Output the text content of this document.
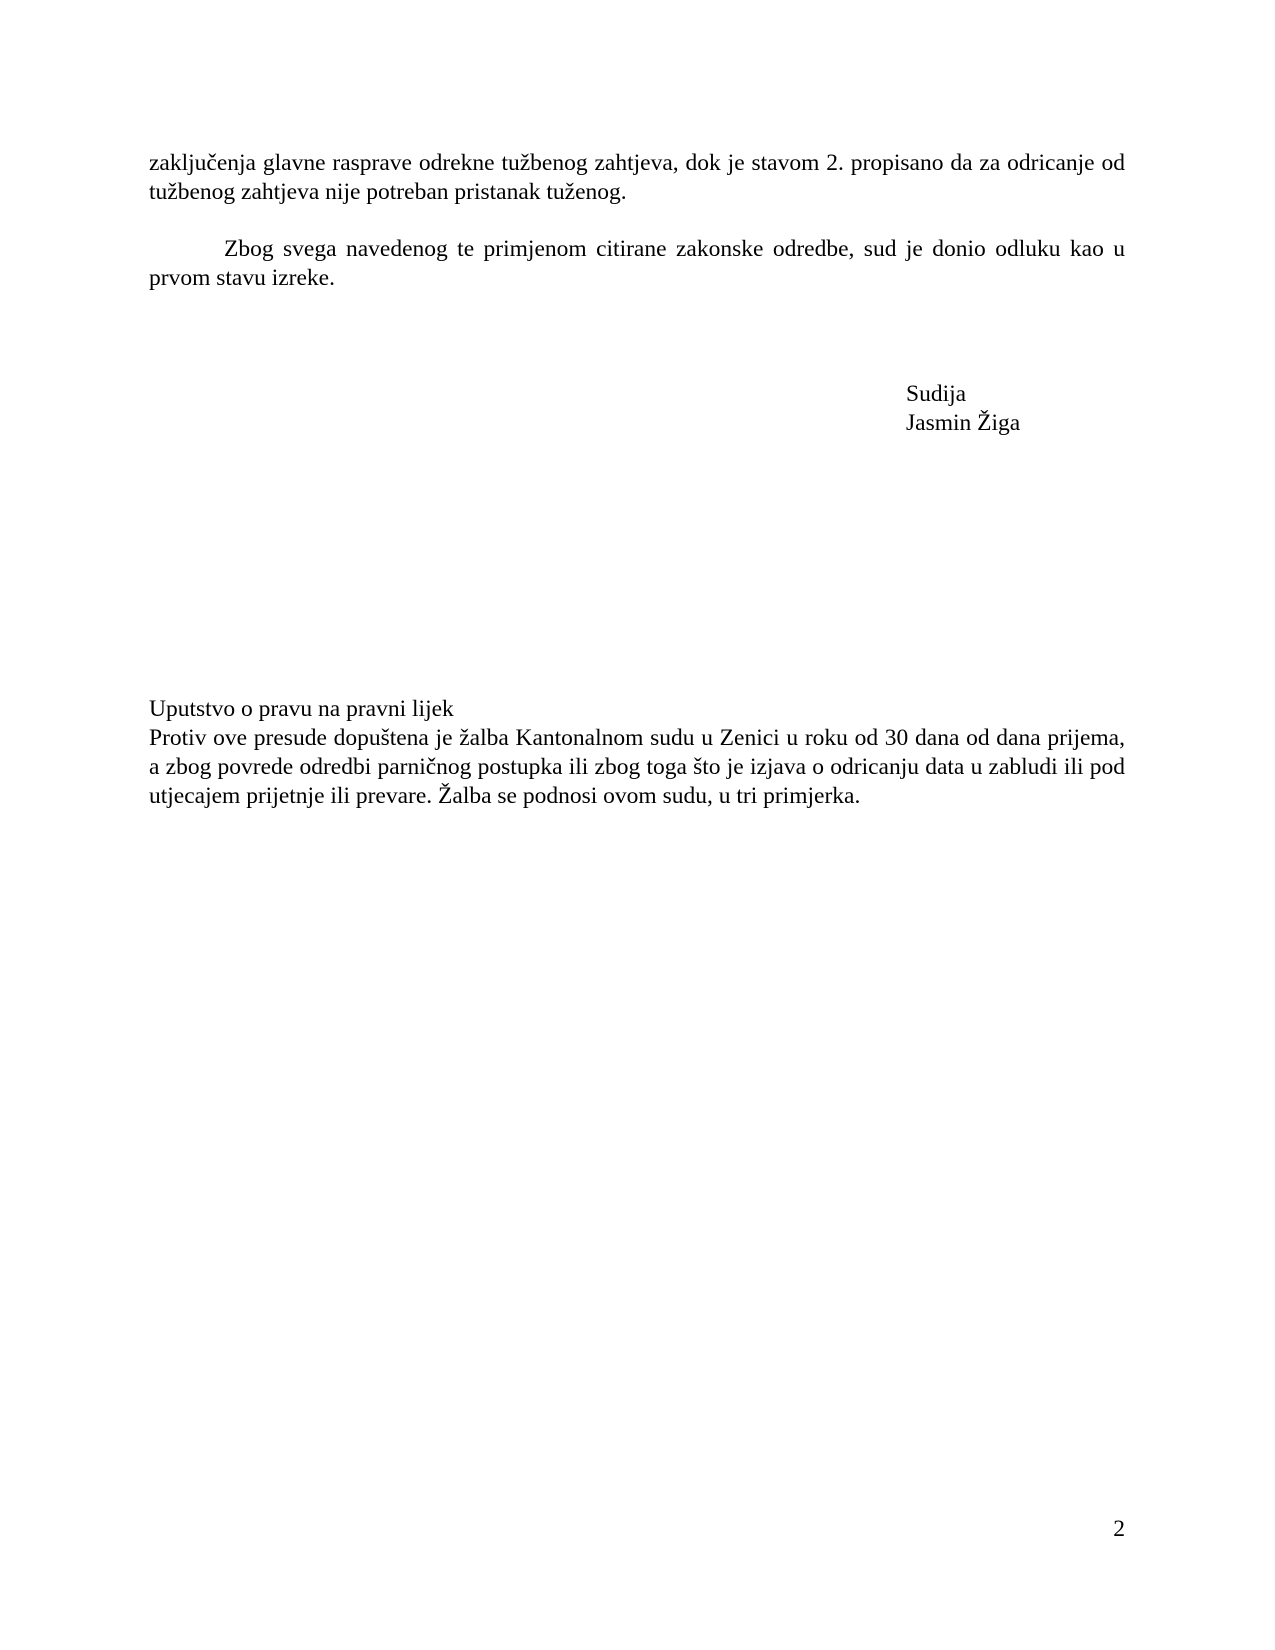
zaključenja glavne rasprave odrekne tužbenog zahtjeva, dok je stavom 2. propisano da za odricanje od tužbenog zahtjeva nije potreban pristanak tuženog.

Zbog svega navedenog te primjenom citirane zakonske odredbe, sud je donio odluku kao u prvom stavu izreke.

Sudija
Jasmin Žiga
Uputstvo o pravu na pravni lijek

Protiv ove presude dopuštena je žalba Kantonalnom sudu u Zenici u roku od 30 dana od dana prijema, a zbog povrede odredbi parničnog postupka ili zbog toga što je izjava o odricanju data u zabludi ili pod utjecajem prijetnje ili prevare. Žalba se podnosi ovom sudu, u tri primjerka.

2
